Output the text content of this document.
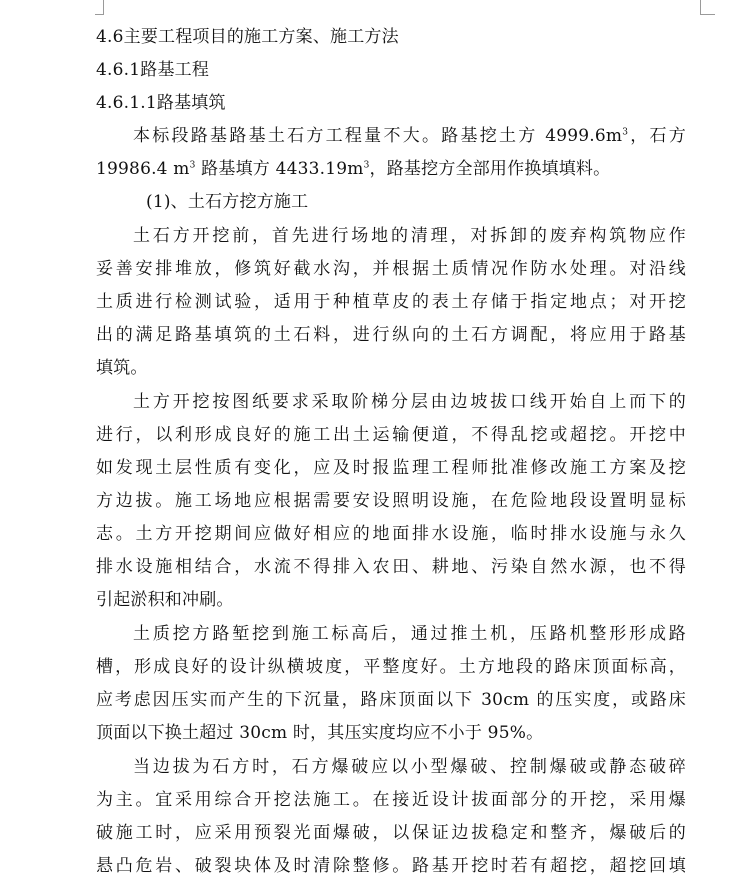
4.6主要工程项目的施工方案、施工方法
4.6.1路基工程
4.6.1.1路基填筑
本标段路基路基土石方工程量不大。路基挖土方 $4999.6m^3$，石方
19986.4 $m^3$ 路基填方 $4433.19m^3$，路基挖方全部用作换填填料。
(1)、土石方挖方施工
土石方开挖前，首先进行场地的清理，对拆卸的废弃构筑物应作
妥善安排堆放，修筑好截水沟，并根据土质情况作防水处理。对沿线
土质进行检测试验，适用于种植草皮的表土存储于指定地点；对开挖
出的满足路基填筑的土石料，进行纵向的土石方调配，将应用于路基
填筑。
土方开挖按图纸要求采取阶梯分层由边坡拔口线开始自上而下的
进行，以利形成良好的施工出土运输便道，不得乱挖或超挖。开挖中
如发现土层性质有变化，应及时报监理工程师批准修改施工方案及挖
方边拔。施工场地应根据需要安设照明设施，在危险地段设置明显标
志。土方开挖期间应做好相应的地面排水设施，临时排水设施与永久
排水设施相结合，水流不得排入农田、耕地、污染自然水源，也不得
引起淤积和冲刷。
土质挖方路堑挖到施工标高后，通过推土机，压路机整形形成路
槽，形成良好的设计纵横坡度，平整度好。土方地段的路床顶面标高，
应考虑因压实而产生的下沉量，路床顶面以下 30cm 的压实度，或路床
顶面以下换土超过 30cm 时，其压实度均应不小于 95%。
当边拔为石方时，石方爆破应以小型爆破、控制爆破或静态破碎
为主。宜采用综合开挖法施工。在接近设计拔面部分的开挖，采用爆
破施工时，应采用预裂光面爆破，以保证边拔稳定和整齐，爆破后的
悬凸危岩、破裂块体及时清除整修。路基开挖时若有超挖，超挖回填
